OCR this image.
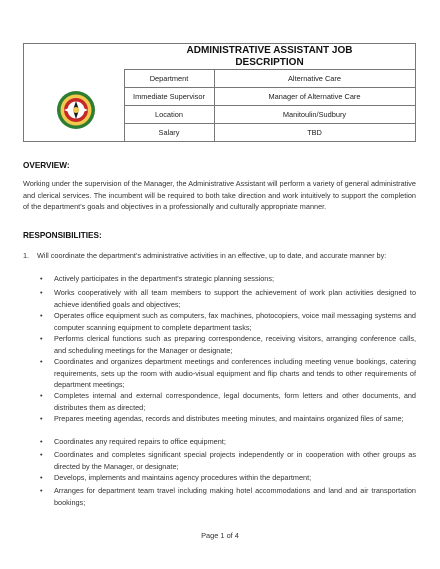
ADMINISTRATIVE ASSISTANT JOB
DESCRIPTION
Department	Alternative Care
Immediate Supervisor	Manager of Alternative Care
Location	Manitoulin/Sudbury
Salary	TBD
OVERVIEW:
Working under the supervision of the Manager, the Administrative Assistant will perform a variety of general administrative and clerical services. The incumbent will be required to both take direction and work intuitively to support the completion of the department's goals and objectives in a professionally and culturally appropriate manner.
RESPONSIBILITIES:
1. Will coordinate the department's administrative activities in an effective, up to date, and accurate manner by:
• Actively participates in the department's strategic planning sessions;
• Works cooperatively with all team members to support the achievement of work plan activities designed to achieve identified goals and objectives;
• Operates office equipment such as computers, fax machines, photocopiers, voice mail messaging systems and computer scanning equipment to complete department tasks;
• Performs clerical functions such as preparing correspondence, receiving visitors, arranging conference calls, and scheduling meetings for the Manager or designate;
• Coordinates and organizes department meetings and conferences including meeting venue bookings, catering requirements, sets up the room with audio-visual equipment and flip charts and tends to other requirements of department meetings;
• Completes internal and external correspondence, legal documents, form letters and other documents, and distributes them as directed;
• Prepares meeting agendas, records and distributes meeting minutes, and maintains organized files of same;
• Coordinates any required repairs to office equipment;
• Coordinates and completes significant special projects independently or in cooperation with other groups as directed by the Manager, or designate;
• Develops, implements and maintains agency procedures within the department;
• Arranges for department team travel including making hotel accommodations and land and air transportation bookings;
Page 1 of 4
